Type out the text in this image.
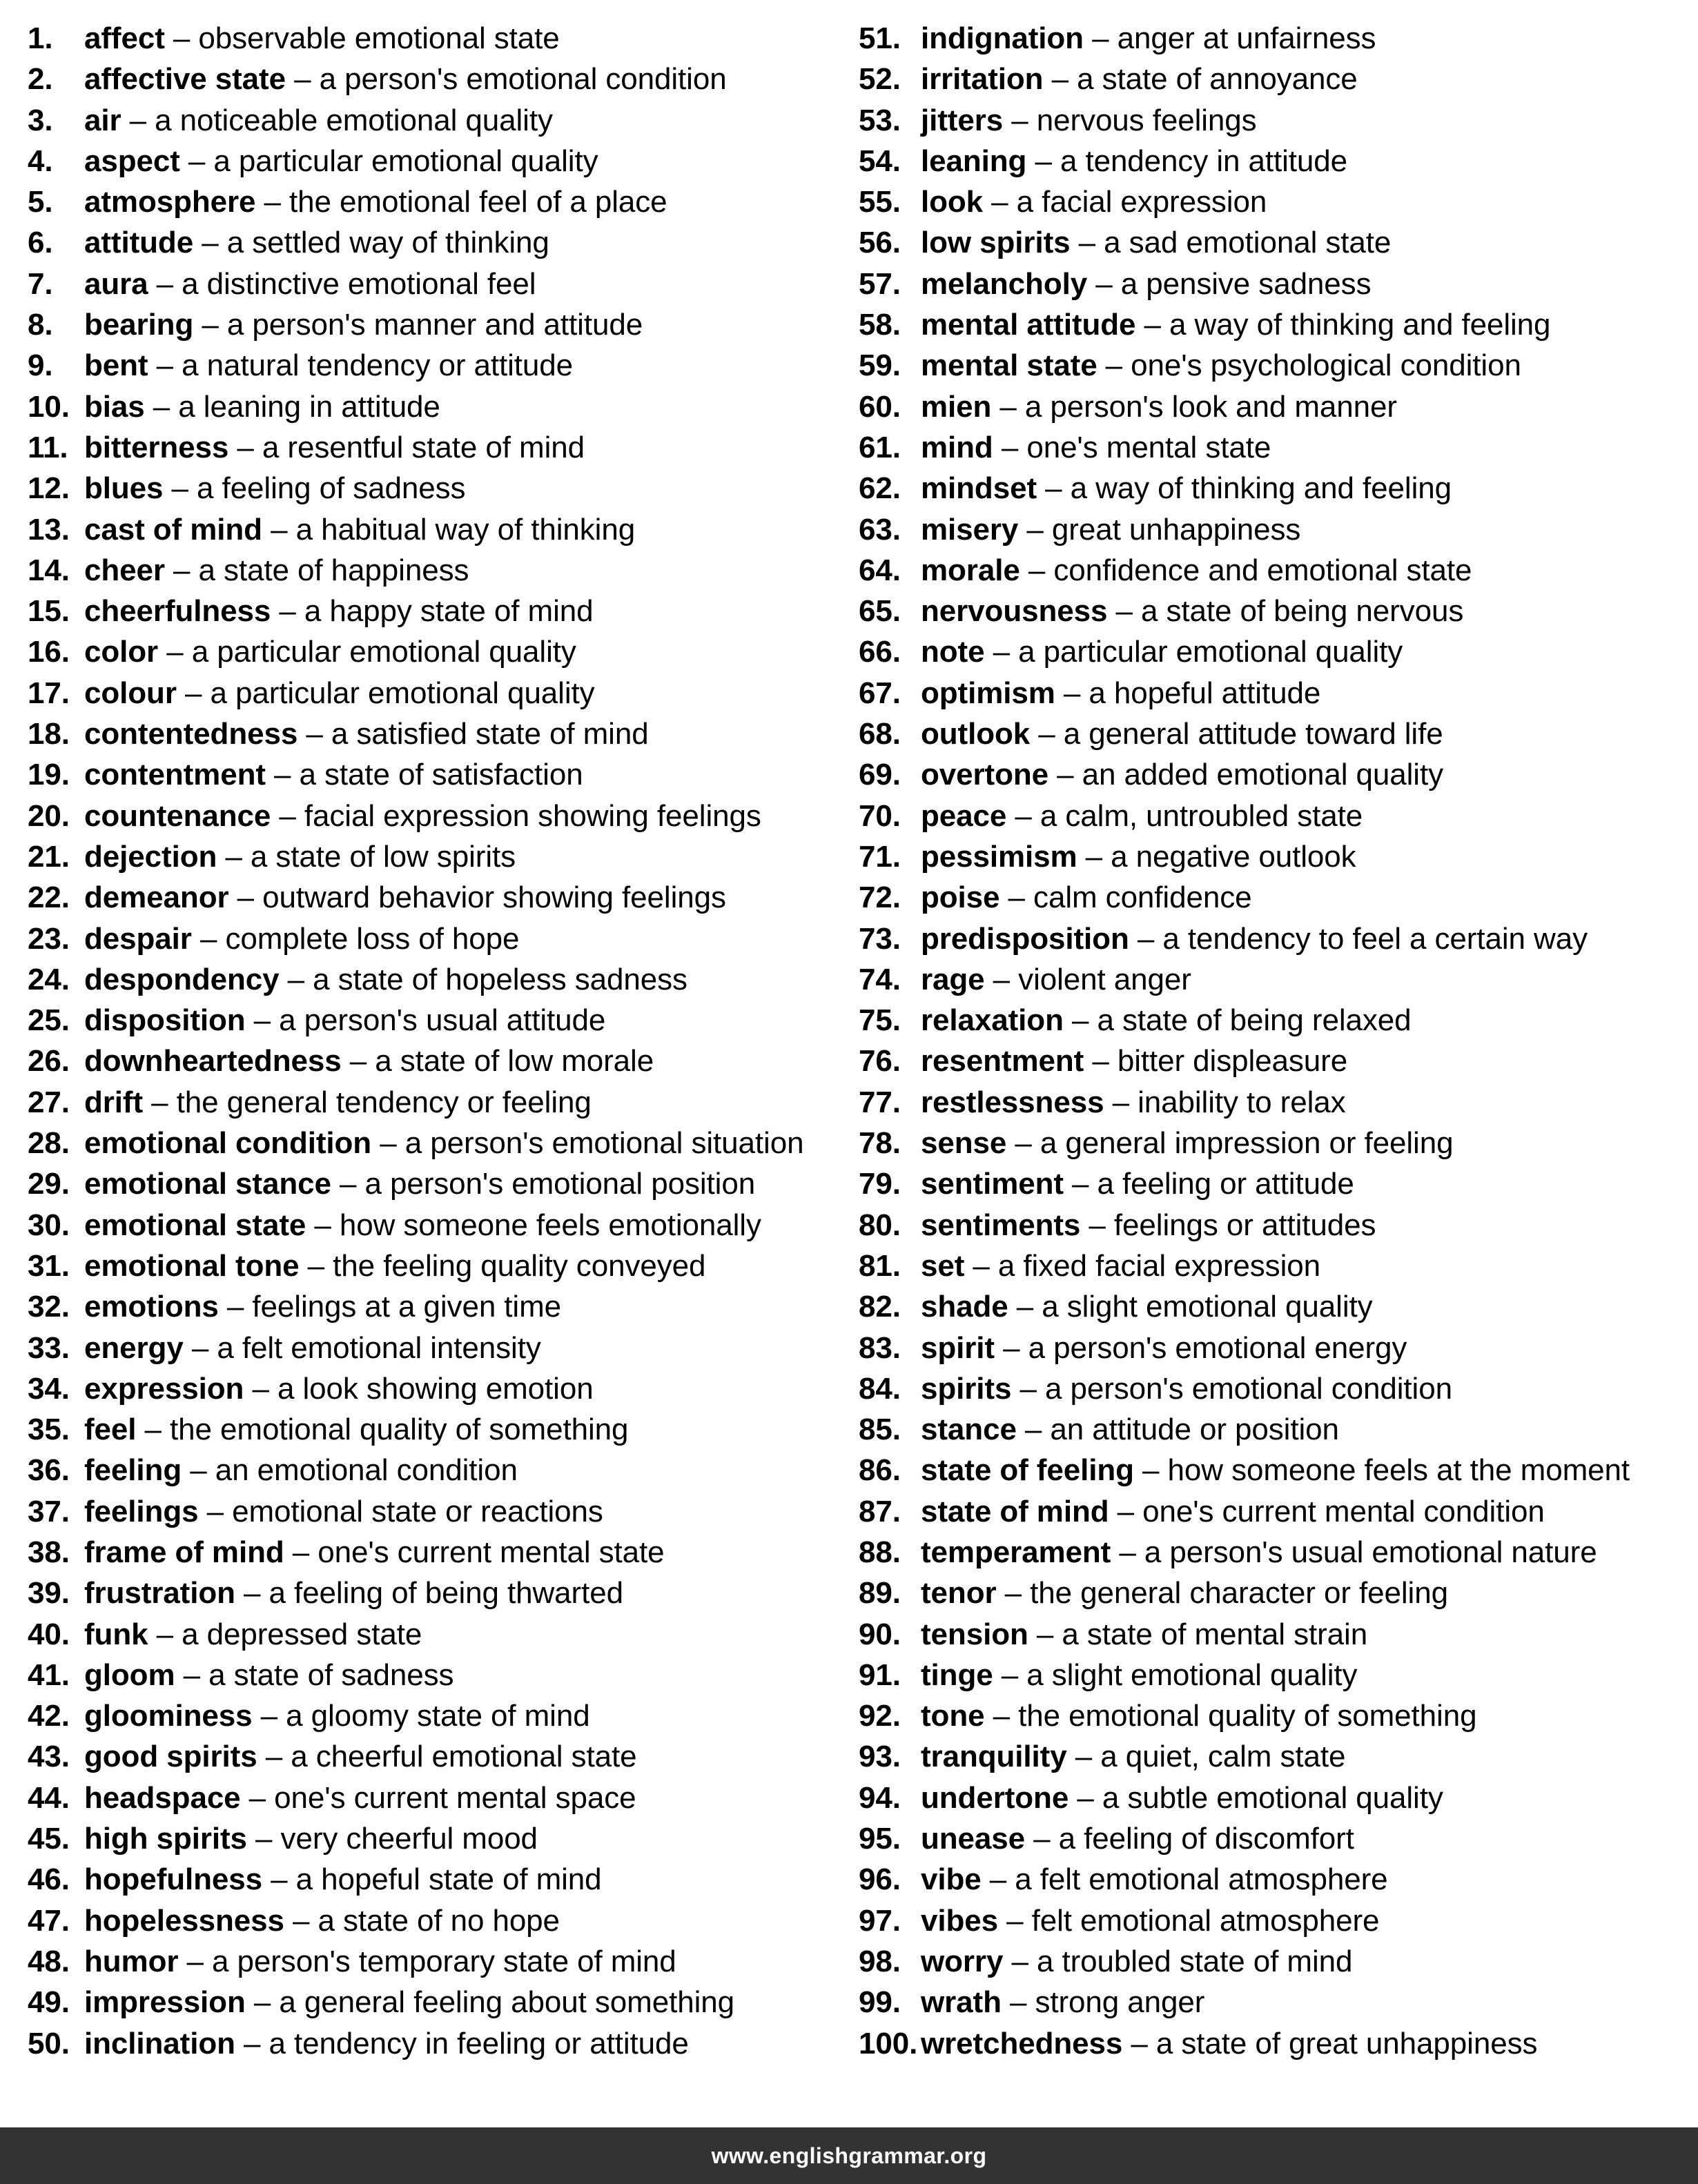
1.	affect – observable emotional state
2.	affective state – a person's emotional condition
3.	air – a noticeable emotional quality
4.	aspect – a particular emotional quality
5.	atmosphere – the emotional feel of a place
6.	attitude – a settled way of thinking
7.	aura – a distinctive emotional feel
8.	bearing – a person's manner and attitude
9.	bent – a natural tendency or attitude
10. bias – a leaning in attitude
11. bitterness – a resentful state of mind
12. blues – a feeling of sadness
13. cast of mind – a habitual way of thinking
14. cheer – a state of happiness
15. cheerfulness – a happy state of mind
16. color – a particular emotional quality
17. colour – a particular emotional quality
18. contentedness – a satisfied state of mind
19. contentment – a state of satisfaction
20. countenance – facial expression showing feelings
21. dejection – a state of low spirits
22. demeanor – outward behavior showing feelings
23. despair – complete loss of hope
24. despondency – a state of hopeless sadness
25. disposition – a person's usual attitude
26. downheartedness – a state of low morale
27. drift – the general tendency or feeling
28. emotional condition – a person's emotional situation
29. emotional stance – a person's emotional position
30. emotional state – how someone feels emotionally
31. emotional tone – the feeling quality conveyed
32. emotions – feelings at a given time
33. energy – a felt emotional intensity
34. expression – a look showing emotion
35. feel – the emotional quality of something
36. feeling – an emotional condition
37. feelings – emotional state or reactions
38. frame of mind – one's current mental state
39. frustration – a feeling of being thwarted
40. funk – a depressed state
41. gloom – a state of sadness
42. gloominess – a gloomy state of mind
43. good spirits – a cheerful emotional state
44. headspace – one's current mental space
45. high spirits – very cheerful mood
46. hopefulness – a hopeful state of mind
47. hopelessness – a state of no hope
48. humor – a person's temporary state of mind
49. impression – a general feeling about something
50. inclination – a tendency in feeling or attitude
51. indignation – anger at unfairness
52. irritation – a state of annoyance
53. jitters – nervous feelings
54. leaning – a tendency in attitude
55. look – a facial expression
56. low spirits – a sad emotional state
57. melancholy – a pensive sadness
58. mental attitude – a way of thinking and feeling
59. mental state – one's psychological condition
60. mien – a person's look and manner
61. mind – one's mental state
62. mindset – a way of thinking and feeling
63. misery – great unhappiness
64. morale – confidence and emotional state
65. nervousness – a state of being nervous
66. note – a particular emotional quality
67. optimism – a hopeful attitude
68. outlook – a general attitude toward life
69. overtone – an added emotional quality
70. peace – a calm, untroubled state
71. pessimism – a negative outlook
72. poise – calm confidence
73. predisposition – a tendency to feel a certain way
74. rage – violent anger
75. relaxation – a state of being relaxed
76. resentment – bitter displeasure
77. restlessness – inability to relax
78. sense – a general impression or feeling
79. sentiment – a feeling or attitude
80. sentiments – feelings or attitudes
81. set – a fixed facial expression
82. shade – a slight emotional quality
83. spirit – a person's emotional energy
84. spirits – a person's emotional condition
85. stance – an attitude or position
86. state of feeling – how someone feels at the moment
87. state of mind – one's current mental condition
88. temperament – a person's usual emotional nature
89. tenor – the general character or feeling
90. tension – a state of mental strain
91. tinge – a slight emotional quality
92. tone – the emotional quality of something
93. tranquility – a quiet, calm state
94. undertone – a subtle emotional quality
95. unease – a feeling of discomfort
96. vibe – a felt emotional atmosphere
97. vibes – felt emotional atmosphere
98. worry – a troubled state of mind
99. wrath – strong anger
100. wretchedness – a state of great unhappiness
www.englishgrammar.org
